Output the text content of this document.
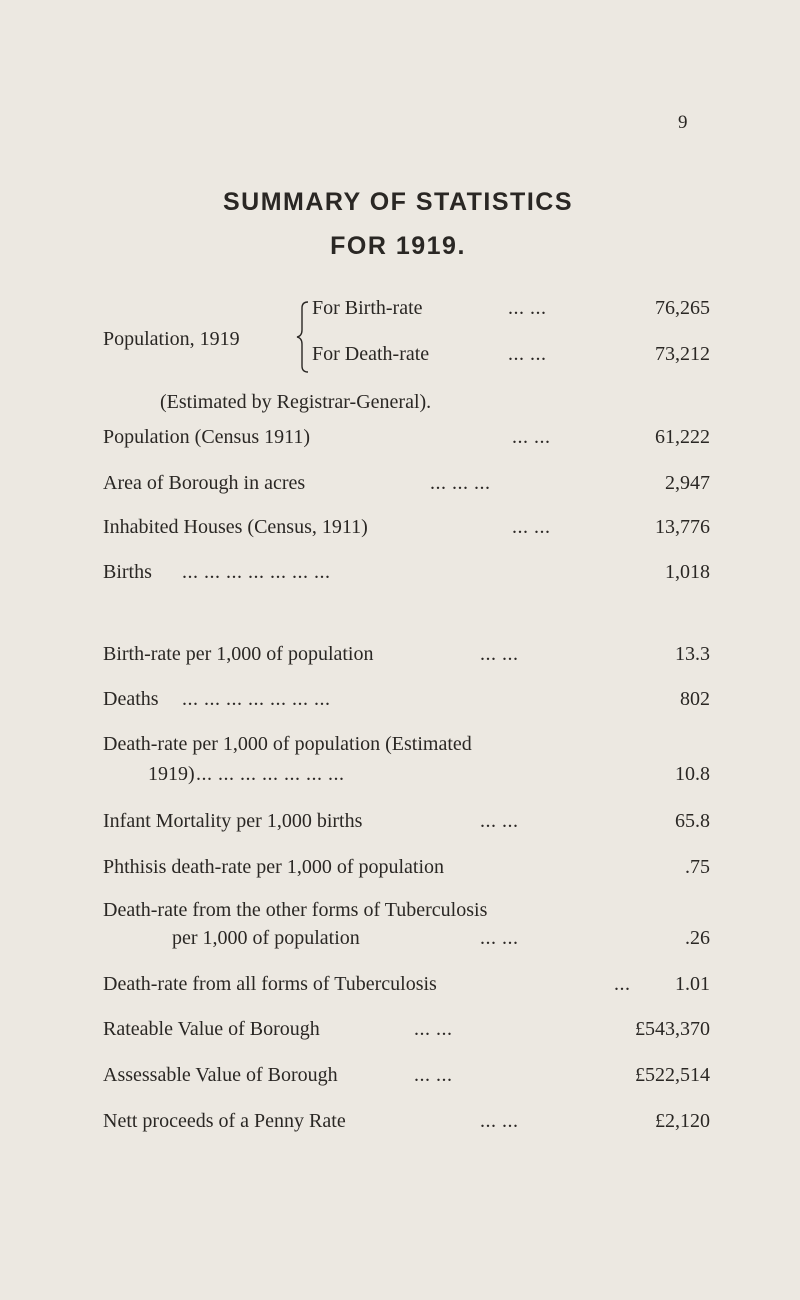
9
SUMMARY OF STATISTICS
FOR 1919.
Population, 1919
For Birth-rate	... ...	76,265
For Death-rate	... ...	73,212
(Estimated by Registrar-General).
Population (Census 1911)	... ...	61,222
Area of Borough in acres	... ... ...	2,947
Inhabited Houses (Census, 1911)	... ...	13,776
Births ... ... ... ... ... ... ...	1,018
Birth-rate per 1,000 of population	... ...	13.3
Deaths ... ... ... ... ... ... ...	802
Death-rate per 1,000 of population (Estimated
1919) ... ... ... ... ... ... ...	10.8
Infant Mortality per 1,000 births	... ...	65.8
Phthisis death-rate per 1,000 of population	.75
Death-rate from the other forms of Tuberculosis
per 1,000 of population	... ...	.26
Death-rate from all forms of Tuberculosis	...	1.01
Rateable Value of Borough	... ...	£543,370
Assessable Value of Borough	... ...	£522,514
Nett proceeds of a Penny Rate	... ...	£2,120
